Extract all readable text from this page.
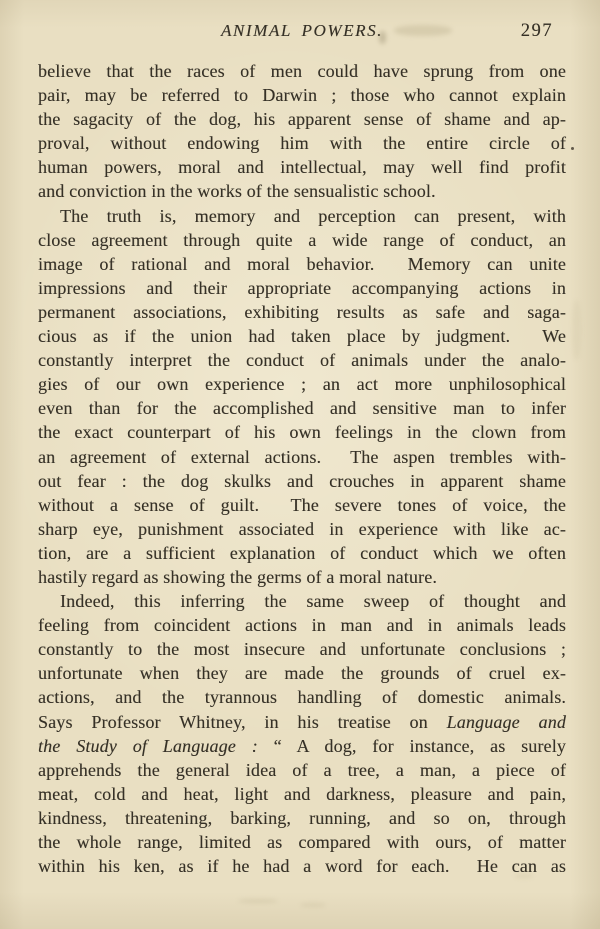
ANIMAL POWERS.	297
believe that the races of men could have sprung from one
pair, may be referred to Darwin ; those who cannot explain
the sagacity of the dog, his apparent sense of shame and ap-
proval, without endowing him with the entire circle of
human powers, moral and intellectual, may well find profit
and conviction in the works of the sensualistic school.
The truth is, memory and perception can present, with
close agreement through quite a wide range of conduct, an
image of rational and moral behavior.  Memory can unite
impressions and their appropriate accompanying actions in
permanent associations, exhibiting results as safe and saga-
cious as if the union had taken place by judgment.  We
constantly interpret the conduct of animals under the analo-
gies of our own experience ; an act more unphilosophical
even than for the accomplished and sensitive man to infer
the exact counterpart of his own feelings in the clown from
an agreement of external actions.  The aspen trembles with-
out fear : the dog skulks and crouches in apparent shame
without a sense of guilt.  The severe tones of voice, the
sharp eye, punishment associated in experience with like ac-
tion, are a sufficient explanation of conduct which we often
hastily regard as showing the germs of a moral nature.
Indeed, this inferring the same sweep of thought and
feeling from coincident actions in man and in animals leads
constantly to the most insecure and unfortunate conclusions ;
unfortunate when they are made the grounds of cruel ex-
actions, and the tyrannous handling of domestic animals.
Says Professor Whitney, in his treatise on Language and
the Study of Language : “ A dog, for instance, as surely
apprehends the general idea of a tree, a man, a piece of
meat, cold and heat, light and darkness, pleasure and pain,
kindness, threatening, barking, running, and so on, through
the whole range, limited as compared with ours, of matter
within his ken, as if he had a word for each.  He can as
